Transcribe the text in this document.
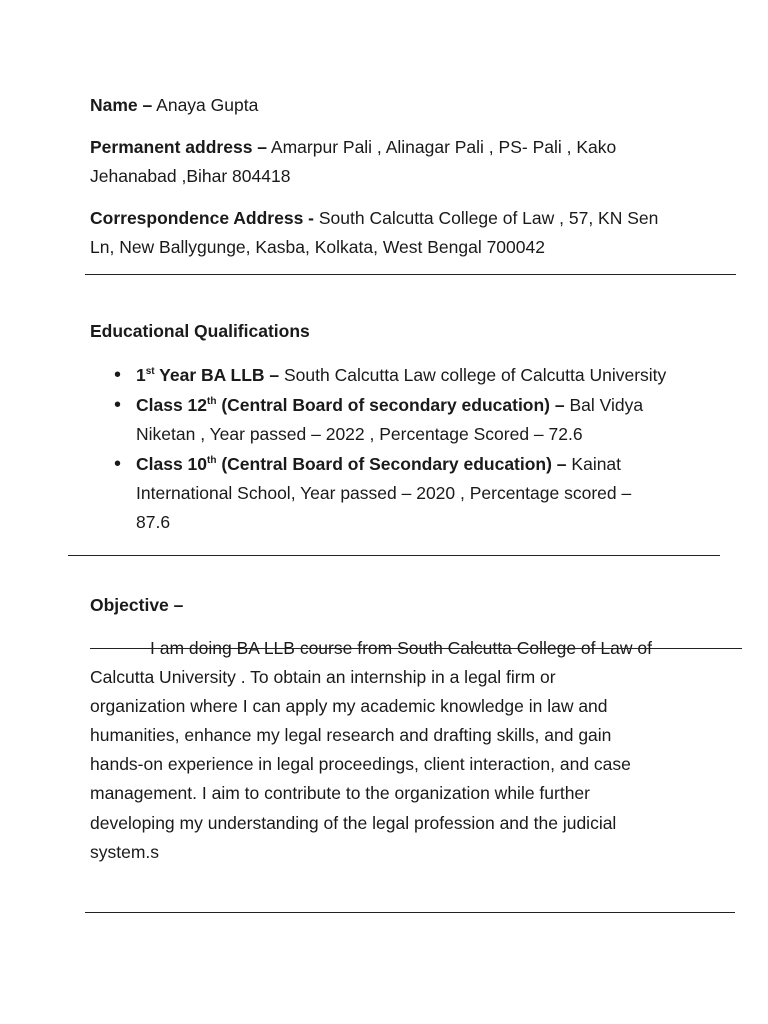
Name – Anaya Gupta
Permanent address – Amarpur Pali , Alinagar Pali , PS- Pali , Kako
Jehanabad ,Bihar 804418
Correspondence Address - South Calcutta College of Law , 57, KN Sen
Ln, New Ballygunge, Kasba, Kolkata, West Bengal 700042
Educational Qualifications
• 1st Year BA LLB – South Calcutta Law college of Calcutta University
• Class 12th (Central Board of secondary education) – Bal Vidya
Niketan , Year passed – 2022 , Percentage Scored – 72.6
• Class 10th (Central Board of Secondary education) – Kainat
International School, Year passed – 2020 , Percentage scored –
87.6
Objective –
I am doing BA LLB course from South Calcutta College of Law of
Calcutta University . To obtain an internship in a legal firm or
organization where I can apply my academic knowledge in law and
humanities, enhance my legal research and drafting skills, and gain
hands-on experience in legal proceedings, client interaction, and case
management. I aim to contribute to the organization while further
developing my understanding of the legal profession and the judicial
system.s
